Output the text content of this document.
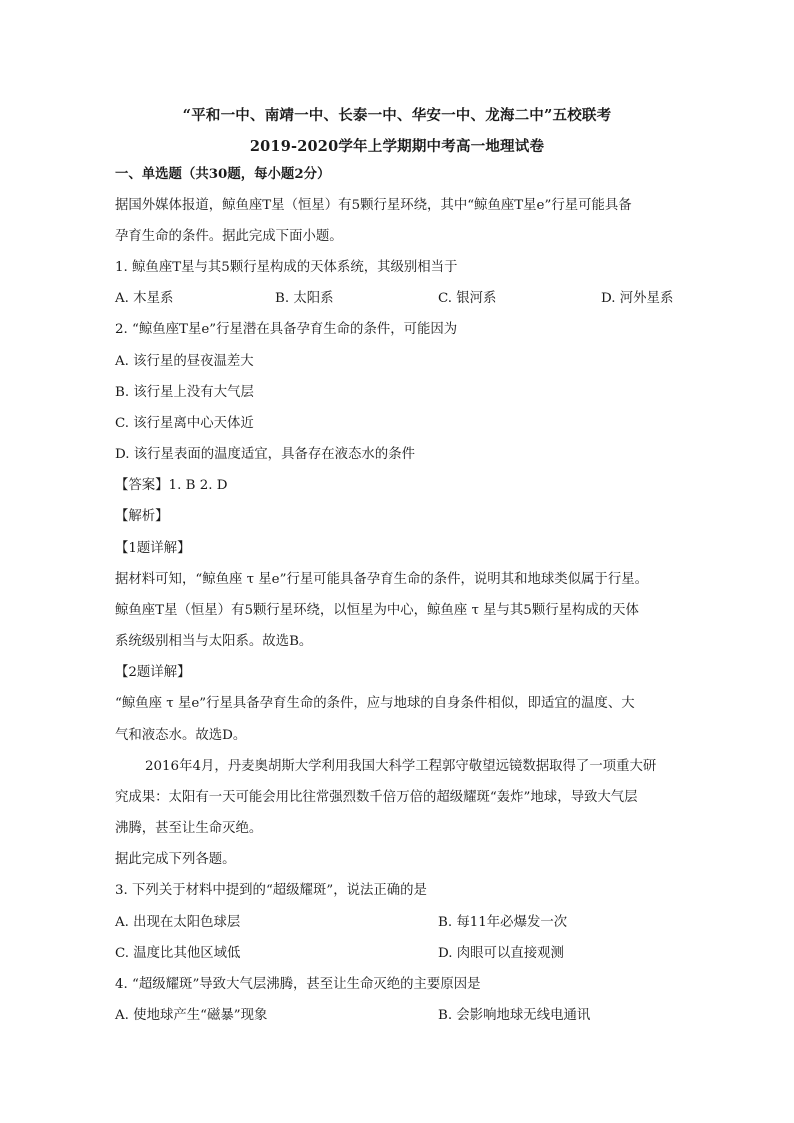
“平和一中、南靖一中、长泰一中、华安一中、龙海二中”五校联考
2019-2020学年上学期期中考高一地理试卷
一、单选题（共30题，每小题2分）
据国外媒体报道，鲸鱼座T星（恒星）有5颗行星环绕，其中“鲸鱼座T星e”行星可能具备
孕育生命的条件。据此完成下面小题。
1. 鲸鱼座T星与其5颗行星构成的天体系统，其级别相当于
A. 木星系	B. 太阳系	C. 银河系	D. 河外星系
2. “鲸鱼座T星e”行星潜在具备孕育生命的条件，可能因为
A. 该行星的昼夜温差大
B. 该行星上没有大气层
C. 该行星离中心天体近
D. 该行星表面的温度适宜，具备存在液态水的条件
【答案】1. B 2. D
【解析】
【1题详解】
据材料可知，“鲸鱼座 τ 星e”行星可能具备孕育生命的条件，说明其和地球类似属于行星。
鲸鱼座T星（恒星）有5颗行星环绕，以恒星为中心，鲸鱼座 τ 星与其5颗行星构成的天体
系统级别相当与太阳系。故选B。
【2题详解】
“鲸鱼座 τ 星e”行星具备孕育生命的条件，应与地球的自身条件相似，即适宜的温度、大
气和液态水。故选D。
2016年4月，丹麦奥胡斯大学利用我国大科学工程郭守敬望远镜数据取得了一项重大研
究成果：太阳有一天可能会用比往常强烈数千倍万倍的超级耀斑“轰炸”地球，导致大气层
沸腾，甚至让生命灭绝。
据此完成下列各题。
3. 下列关于材料中提到的“超级耀斑”，说法正确的是
A. 出现在太阳色球层	B. 每11年必爆发一次
C. 温度比其他区域低	D. 肉眼可以直接观测
4. “超级耀斑”导致大气层沸腾，甚至让生命灭绝的主要原因是
A. 使地球产生“磁暴”现象	B. 会影响地球无线电通讯
